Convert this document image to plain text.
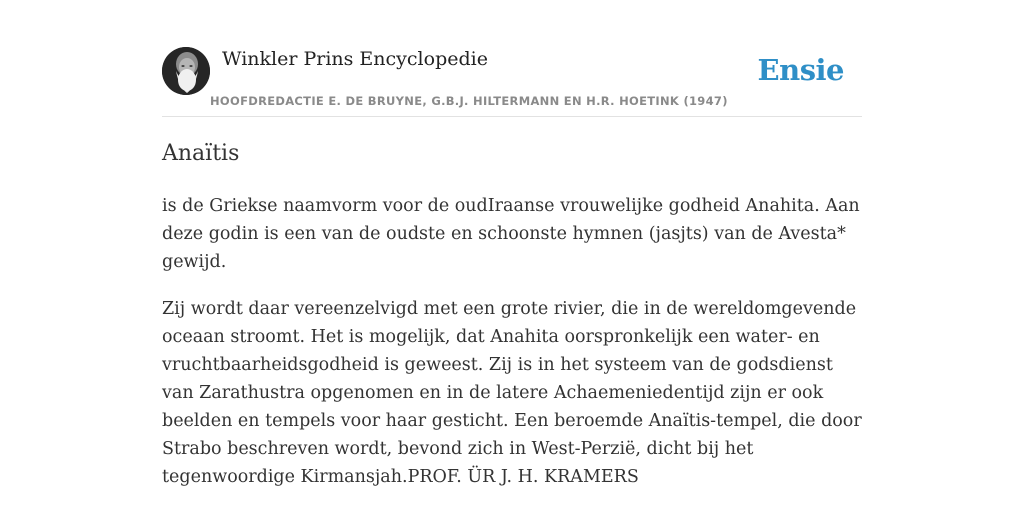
Winkler Prins Encyclopedie
HOOFDREDACTIE E. DE BRUYNE, G.B.J. HILTERMANN EN H.R. HOETINK (1947)
Ensie
Anaïtis

is de Griekse naamvorm voor de oudIraanse vrouwelijke godheid Anahita. Aan deze godin is een van de oudste en schoonste hymnen (jasjts) van de Avesta* gewijd.

Zij wordt daar vereenzelvigd met een grote rivier, die in de wereldomgevende oceaan stroomt. Het is mogelijk, dat Anahita oorspronkelijk een water- en vruchtbaarheidsgodheid is geweest. Zij is in het systeem van de godsdienst van Zarathustra opgenomen en in de latere Achaemeniedentijd zijn er ook beelden en tempels voor haar gesticht. Een beroemde Anaïtis-tempel, die door Strabo beschreven wordt, bevond zich in West-Perzië, dicht bij het tegenwoordige Kirmansjah.PROF. ÜR J. H. KRAMERS
